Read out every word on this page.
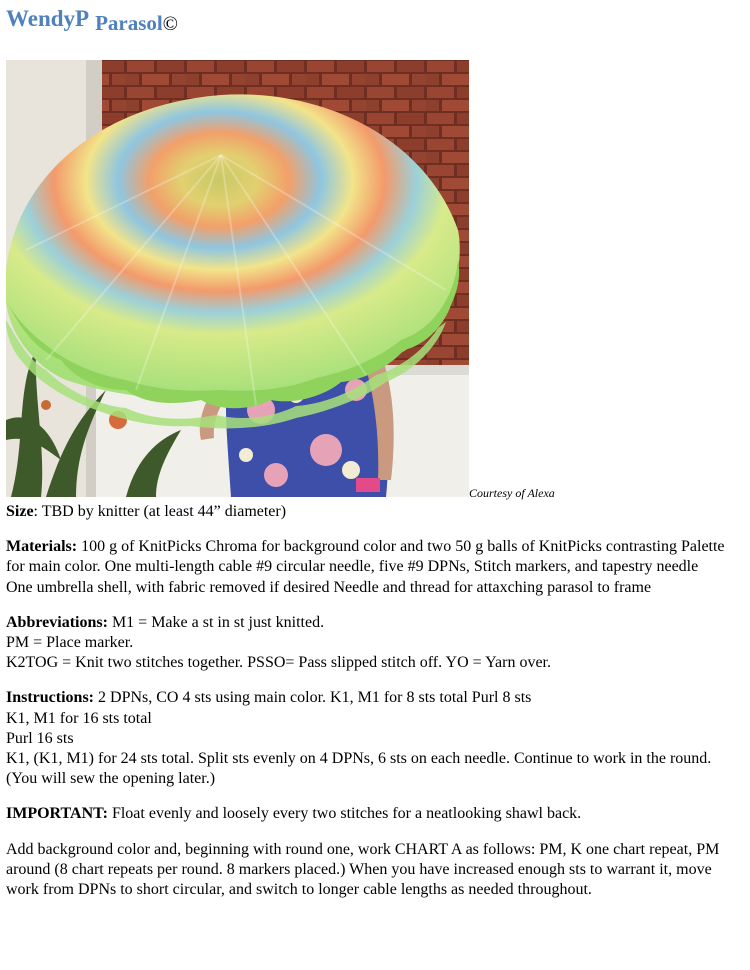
WendyP Parasol©
Courtesy of Alexa

Size: TBD by knitter (at least 44” diameter)

Materials: 100 g of KnitPicks Chroma for background color and two 50 g balls of KnitPicks contrasting Palette for main color. One multi-length cable #9 circular needle, five #9 DPNs, Stitch markers, and tapestry needle
One umbrella shell, with fabric removed if desired Needle and thread for attaxching parasol to frame

Abbreviations: M1 = Make a st in st just knitted.
PM = Place marker.
K2TOG = Knit two stitches together. PSSO= Pass slipped stitch off. YO = Yarn over.

Instructions: 2 DPNs, CO 4 sts using main color. K1, M1 for 8 sts total Purl 8 sts
K1, M1 for 16 sts total
Purl 16 sts
K1, (K1, M1) for 24 sts total. Split sts evenly on 4 DPNs, 6 sts on each needle. Continue to work in the round. (You will sew the opening later.)

IMPORTANT: Float evenly and loosely every two stitches for a neatlooking shawl back.

Add background color and, beginning with round one, work CHART A as follows: PM, K one chart repeat, PM around (8 chart repeats per round. 8 markers placed.) When you have increased enough sts to warrant it, move work from DPNs to short circular, and switch to longer cable lengths as needed throughout.
